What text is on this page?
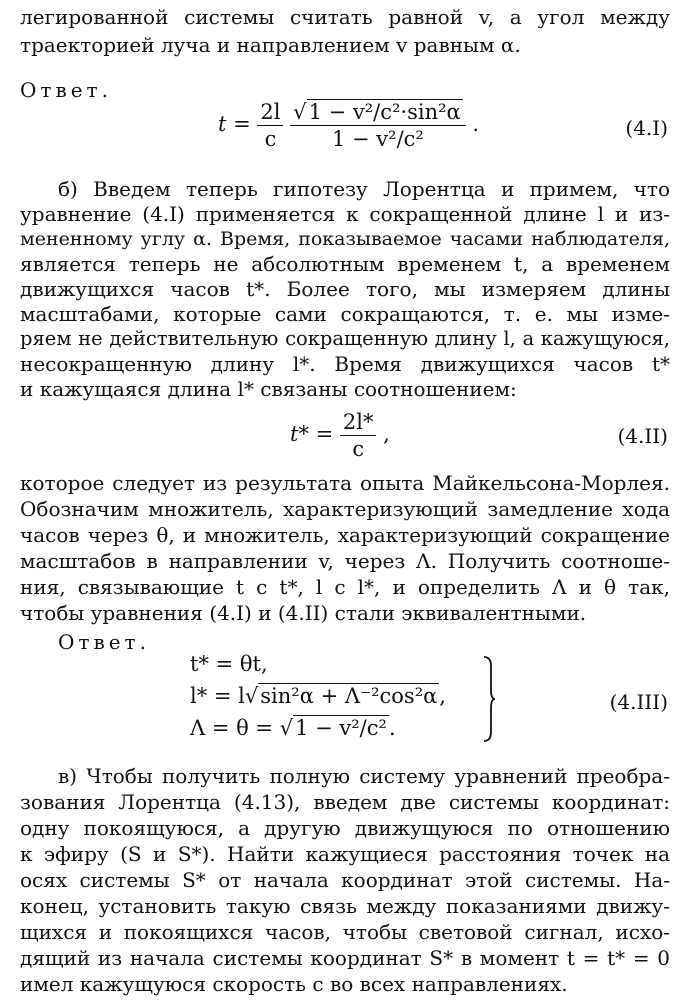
легированной системы считать равной v, а угол между
траекторией луча и направлением v равным α.
Ответ.
$t = \frac{2l}{c}$
$\frac{\text{√1 − v²/c²·sin²α}}{\text{1 − v²/c²}}$ .	(4.I)
б) Введем теперь гипотезу Лорентца и примем, что
уравнение (4.I) применяется к сокращенной длине l и из-
мененному углу α. Время, показываемое часами наблюдателя,
является теперь не абсолютным временем t, а временем
движущихся часов t*. Более того, мы измеряем длины
масштабами, которые сами сокращаются, т. е. мы изме-
ряем не действительную сокращенную длину l, а кажущуюся,
несокращенную длину l*. Время движущихся часов t*
и кажущаяся длина l* связаны соотношением:
$t* = \frac{2l*}{c}$ ,	(4.II)
которое следует из результата опыта Майкельсона-Морлея.
Обозначим множитель, характеризующий замедление хода
часов через θ, и множитель, характеризующий сокращение
масштабов в направлении v, через Λ. Получить соотноше-
ния, связывающие t с t*, l с l*, и определить Λ и θ так,
чтобы уравнения (4.I) и (4.II) стали эквивалентными.
Ответ.
t* = θt,
l* = l√sin²α + Λ⁻²cos²α,
Λ = θ = √1 − v²/c².
(4.III)
в) Чтобы получить полную систему уравнений преобра-
зования Лорентца (4.13), введем две системы координат:
одну покоящуюся, а другую движущуюся по отношению
к эфиру (S и S*). Найти кажущиеся расстояния точек на
осях системы S* от начала координат этой системы. На-
конец, установить такую связь между показаниями движу-
щихся и покоящихся часов, чтобы световой сигнал, исхо-
дящий из начала системы координат S* в момент t = t* = 0
имел кажущуюся скорость c во всех направлениях.
